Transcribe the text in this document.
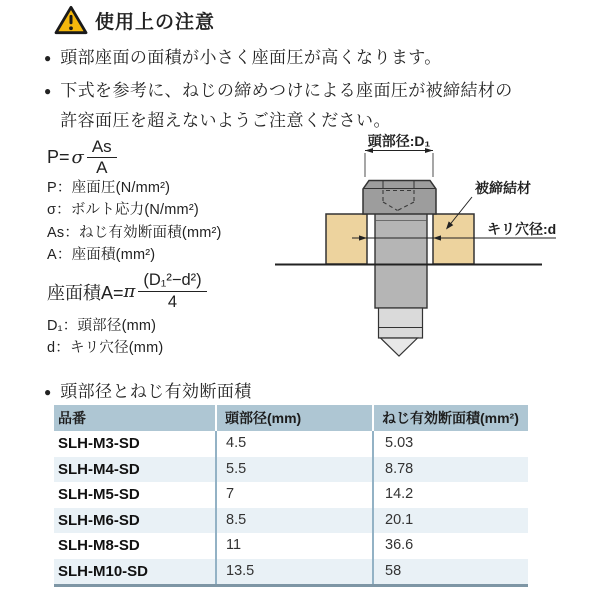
使用上の注意
● 頭部座面の面積が小さく座面圧が高くなります。
● 下式を参考に、ねじの締めつけによる座面圧が被締結材の
許容面圧を超えないようご注意ください。
P= σ $\frac{As}{A}$
P：座面圧(N/mm²)
σ：ボルト応力(N/mm²)
As：ねじ有効断面積(mm²)
A：座面積(mm²)
座面積A= π $\frac{\text{(D₁²−d²)}}{4}$
D₁：頭部径(mm)
d：キリ穴径(mm)
頭部径:D₁
キリ穴径:d
被締結材
● 頭部径とねじ有効断面積
品番	頭部径(mm)	ねじ有効断面積(mm²)
SLH-M3-SD	4.5	5.03
SLH-M4-SD	5.5	8.78
SLH-M5-SD	7	14.2
SLH-M6-SD	8.5	20.1
SLH-M8-SD	11	36.6
SLH-M10-SD	13.5	58
